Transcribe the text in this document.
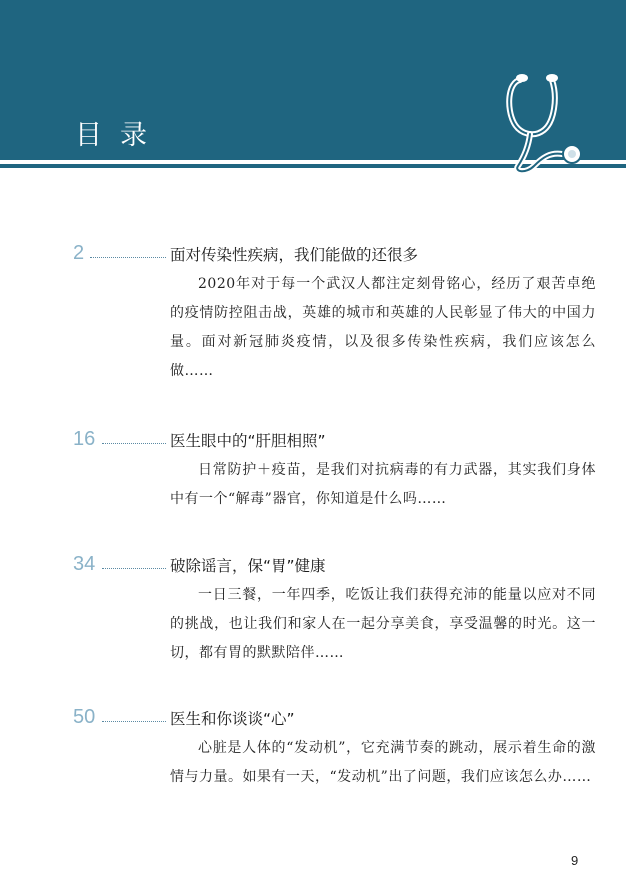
目录
2	面对传染性疾病，我们能做的还很多
2020年对于每一个武汉人都注定刻骨铭心，经历了艰苦卓绝的疫情防控阻击战，英雄的城市和英雄的人民彰显了伟大的中国力量。面对新冠肺炎疫情，以及很多传染性疾病，我们应该怎么做……
16	医生眼中的“肝胆相照”
日常防护＋疫苗，是我们对抗病毒的有力武器，其实我们身体中有一个“解毒”器官，你知道是什么吗……
34	破除谣言，保“胃”健康
一日三餐，一年四季，吃饭让我们获得充沛的能量以应对不同的挑战，也让我们和家人在一起分享美食，享受温馨的时光。这一切，都有胃的默默陪伴……
50	医生和你谈谈“心”
心脏是人体的“发动机”，它充满节奏的跳动，展示着生命的激情与力量。如果有一天，“发动机”出了问题，我们应该怎么办……
9
